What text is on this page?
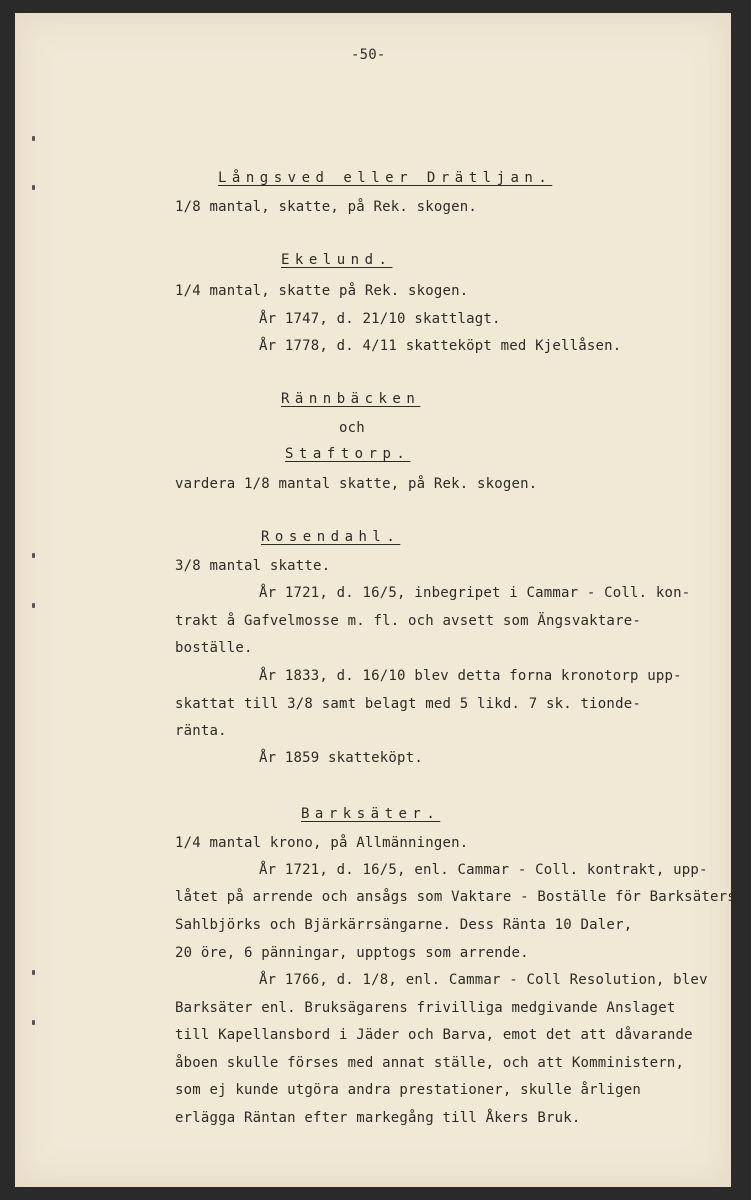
-50-
Långsved eller Drätljan.
1/8 mantal, skatte, på Rek. skogen.
Ekelund.
1/4 mantal, skatte på Rek. skogen.
År 1747, d. 21/10 skattlagt.
År 1778, d. 4/11 skatteköpt med Kjellåsen.
Rännbäcken
och
Staftorp.
vardera 1/8 mantal skatte, på Rek. skogen.
Rosendahl.
3/8 mantal skatte.
År 1721, d. 16/5, inbegripet i Cammar - Coll. kon-
trakt å Gafvelmosse m. fl. och avsett som Ängsvaktare-
boställe.
År 1833, d. 16/10 blev detta forna kronotorp upp-
skattat till 3/8 samt belagt med 5 likd. 7 sk. tionde-
ränta.
År 1859 skatteköpt.
Barksäter.
1/4 mantal krono, på Allmänningen.
År 1721, d. 16/5, enl. Cammar - Coll. kontrakt, upp-
låtet på arrende och ansågs som Vaktare - Boställe för Barksäters,
Sahlbjörks och Bjärkärrsängarne. Dess Ränta 10 Daler,
20 öre, 6 pänningar, upptogs som arrende.
År 1766, d. 1/8, enl. Cammar - Coll Resolution, blev
Barksäter enl. Bruksägarens frivilliga medgivande Anslaget
till Kapellansbord i Jäder och Barva, emot det att dåvarande
åboen skulle förses med annat ställe, och att Komministern,
som ej kunde utgöra andra prestationer, skulle årligen
erlägga Räntan efter markegång till Åkers Bruk.
